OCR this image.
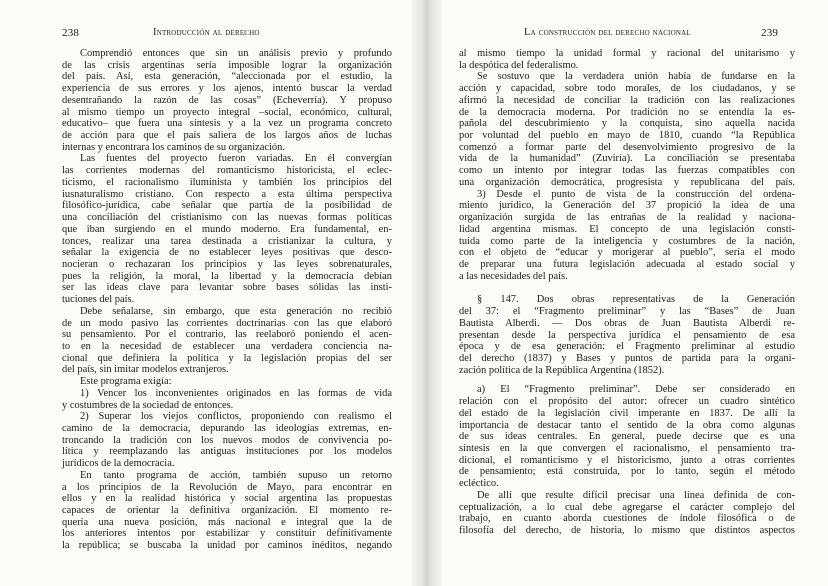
238	Introducción al derecho
Comprendió entonces que sin un análisis previo y profundo
de las crisis argentinas sería imposible lograr la organización
del país. Así, esta generación, “aleccionada por el estudio, la
experiencia de sus errores y los ajenos, intentó buscar la verdad
desentrañando la razón de las cosas” (Echeverría). Y propuso
al mismo tiempo un proyecto integral –social, económico, cultural,
educativo– que fuera una síntesis y a la vez un programa concreto
de acción para que el país saliera de los largos años de luchas
internas y encontrara los caminos de su organización.
Las fuentes del proyecto fueron variadas. En él convergían
las corrientes modernas del romanticismo historicista, el eclec-
ticismo, el racionalismo iluminista y también los principios del
iusnaturalismo cristiano. Con respecto a esta última perspectiva
filosófico-jurídica, cabe señalar que partía de la posibilidad de
una conciliación del cristianismo con las nuevas formas políticas
que iban surgiendo en el mundo moderno. Era fundamental, en-
tonces, realizar una tarea destinada a cristianizar la cultura, y
señalar la exigencia de no establecer leyes positivas que desco-
nocieran o rechazaran los principios y las leyes sobrenaturales,
pues la religión, la moral, la libertad y la democracia debían
ser las ideas clave para levantar sobre bases sólidas las insti-
tuciones del país.
Debe señalarse, sin embargo, que esta generación no recibió
de un modo pasivo las corrientes doctrinarias con las que elaboró
su pensamiento. Por el contrario, las reelaboró poniendo el acen-
to en la necesidad de establecer una verdadera conciencia na-
cional que definiera la política y la legislación propias del ser
del país, sin imitar modelos extranjeros.
Este programa exigía:
1) Vencer los inconvenientes originados en las formas de vida
y costumbres de la sociedad de entonces.
2) Superar los viejos conflictos, proponiendo con realismo el
camino de la democracia, depurando las ideologías extremas, en-
troncando la tradición con los nuevos modos de convivencia po-
lítica y reemplazando las antiguas instituciones por los modelos
jurídicos de la democracia.
En tanto programa de acción, también supuso un retorno
a los principios de la Revolución de Mayo, para encontrar en
ellos y en la realidad histórica y social argentina las propuestas
capaces de orientar la definitiva organización. El momento re-
quería una nueva posición, más nacional e integral que la de
los anteriores intentos por estabilizar y constituir definitivamente
la república; se buscaba la unidad por caminos inéditos, negando
La construcción del derecho nacional	239
al mismo tiempo la unidad formal y racional del unitarismo y
la despótica del federalismo.
Se sostuvo que la verdadera unión había de fundarse en la
acción y capacidad, sobre todo morales, de los ciudadanos, y se
afirmó la necesidad de conciliar la tradición con las realizaciones
de la democracia moderna. Por tradición no se entendía la es-
pañola del descubrimiento y la conquista, sino aquella nacida
por voluntad del pueblo en mayo de 1810, cuando “la República
comenzó a formar parte del desenvolvimiento progresivo de la
vida de la humanidad” (Zuviría). La conciliación se presentaba
como un intento por integrar todas las fuerzas compatibles con
una organización democrática, progresista y republicana del país.
3) Desde el punto de vista de la construcción del ordena-
miento jurídico, la Generación del 37 propició la idea de una
organización surgida de las entrañas de la realidad y naciona-
lidad argentina mismas. El concepto de una legislación consti-
tuida como parte de la inteligencia y costumbres de la nación,
con el objeto de “educar y morigerar al pueblo”, sería el modo
de preparar una futura legislación adecuada al estado social y
a las necesidades del país.
§ 147. Dos obras representativas de la Generación
del 37: el “Fragmento preliminar” y las “Bases” de Juan
Bautista Alberdi. — Dos obras de Juan Bautista Alberdi re-
presentan desde la perspectiva jurídica el pensamiento de esa
época y de esa generación: el Fragmento preliminar al estudio
del derecho (1837) y Bases y puntos de partida para la organi-
zación política de la República Argentina (1852).
a) El “Fragmento preliminar”. Debe ser considerado en
relación con el propósito del autor: ofrecer un cuadro sintético
del estado de la legislación civil imperante en 1837. De allí la
importancia de destacar tanto el sentido de la obra como algunas
de sus ideas centrales. En general, puede decirse que es una
síntesis en la que convergen el racionalismo, el pensamiento tra-
dicional, el romanticismo y el historicismo, junto a otras corrientes
de pensamiento; está construida, por lo tanto, según el método
ecléctico.
De allí que resulte difícil precisar una línea definida de con-
ceptualización, a lo cual debe agregarse el carácter complejo del
trabajo, en cuanto aborda cuestiones de índole filosófica o de
filosofía del derecho, de historia, lo mismo que distintos aspectos
